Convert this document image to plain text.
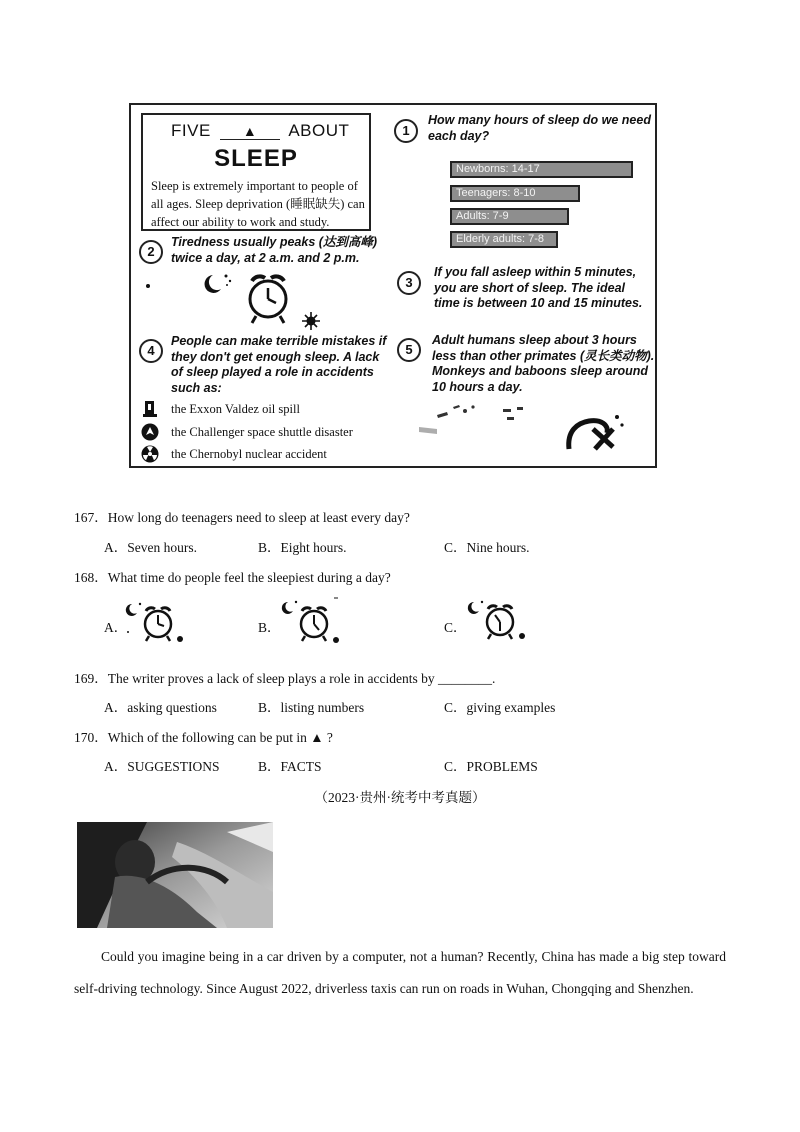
FIVE ▲ ABOUT
SLEEP
Sleep is extremely important to people of all ages. Sleep deprivation (睡眠缺失) can affect our ability to work and study.
1
How many hours of sleep do we need each day?
Newborns: 14-17
Teenagers: 8-10
Adults: 7-9
Elderly adults: 7-8
2
Tiredness usually peaks (达到高峰) twice a day, at 2 a.m. and 2 p.m.
3
If you fall asleep within 5 minutes, you are short of sleep. The ideal time is between 10 and 15 minutes.
4
People can make terrible mistakes if they don't get enough sleep. A lack of sleep played a role in accidents such as:
the Exxon Valdez oil spill
the Challenger space shuttle disaster
the Chernobyl nuclear accident
5
Adult humans sleep about 3 hours less than other primates (灵长类动物). Monkeys and baboons sleep around 10 hours a day.
167．How long do teenagers need to sleep at least every day?
A．Seven hours.	B．Eight hours.	C．Nine hours.
168．What time do people feel the sleepiest during a day?
A．	B．	C．
169．The writer proves a lack of sleep plays a role in accidents by ________.
A．asking questions	B．listing numbers	C．giving examples
170．Which of the following can be put in ▲ ?
A．SUGGESTIONS	B．FACTS	C．PROBLEMS
（2023·贵州·统考中考真题）
Could you imagine being in a car driven by a computer, not a human? Recently, China has made a big step toward self-driving technology. Since August 2022, driverless taxis can run on roads in Wuhan, Chongqing and Shenzhen.
